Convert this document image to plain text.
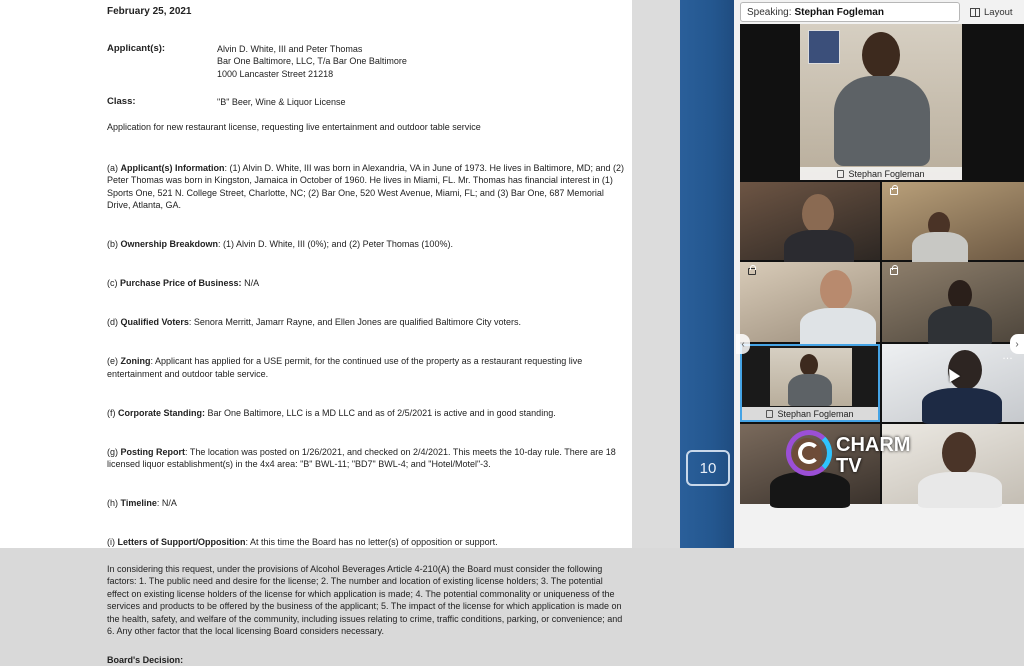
February 25, 2021

Applicant(s):	Alvin D. White, III and Peter Thomas
Bar One Baltimore, LLC, T/a Bar One Baltimore
1000 Lancaster Street 21218
Class:	"B" Beer, Wine & Liquor License

Application for new restaurant license, requesting live entertainment and outdoor table service

(a) Applicant(s) Information: (1) Alvin D. White, III was born in Alexandria, VA in June of 1973. He lives in Baltimore, MD; and (2) Peter Thomas was born in Kingston, Jamaica in October of 1960. He lives in Miami, FL. Mr. Thomas has financial interest in (1) Sports One, 521 N. College Street, Charlotte, NC; (2) Bar One, 520 West Avenue, Miami, FL; and (3) Bar One, 687 Memorial Drive, Atlanta, GA.

(b) Ownership Breakdown: (1) Alvin D. White, III (0%); and (2) Peter Thomas (100%).

(c) Purchase Price of Business: N/A

(d) Qualified Voters: Senora Merritt, Jamarr Rayne, and Ellen Jones are qualified Baltimore City voters.

(e) Zoning: Applicant has applied for a USE permit, for the continued use of the property as a restaurant requesting live entertainment and outdoor table service.

(f) Corporate Standing: Bar One Baltimore, LLC is a MD LLC and as of 2/5/2021 is active and in good standing.

(g) Posting Report: The location was posted on 1/26/2021, and checked on 2/4/2021. This meets the 10-day rule. There are 18 licensed liquor establishment(s) in the 4x4 area: "B" BWL-11; "BD7" BWL-4; and "Hotel/Motel"-3.

(h) Timeline: N/A

(i) Letters of Support/Opposition: At this time the Board has no letter(s) of opposition or support.

In considering this request, under the provisions of Alcohol Beverages Article 4-210(A) the Board must consider the following factors: 1. The public need and desire for the license; 2. The number and location of existing license holders; 3. The potential effect on existing license holders of the license for which application is made; 4. The potential commonality or uniqueness of the services and products to be offered by the business of the applicant; 5. The impact of the license for which application is made on the health, safety, and welfare of the community, including issues relating to crime, traffic conditions, parking, or convenience; and 6. Any other factor that the local licensing Board considers necessary.

Board's Decision:

10
Speaking: Stephan Fogleman	Layout
Stephan Fogleman
Stephan Fogleman
‹	›
…
CHARM
TV
